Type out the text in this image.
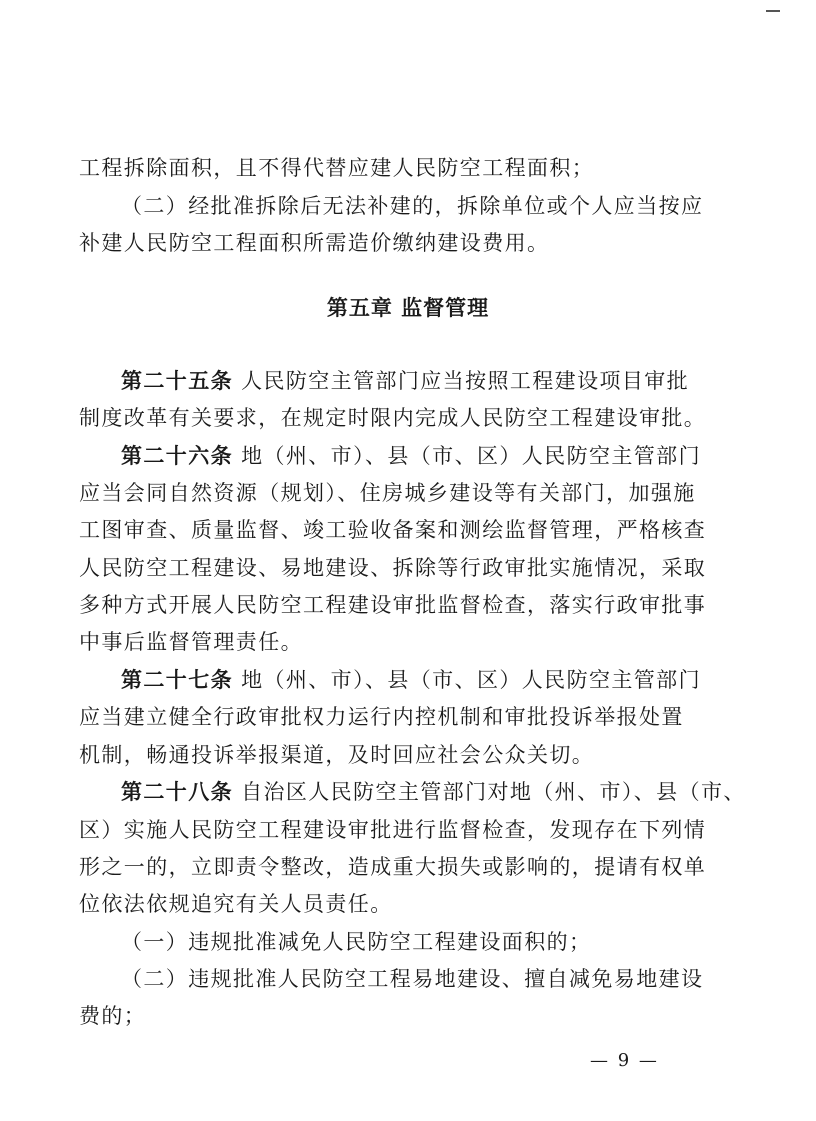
工程拆除面积，且不得代替应建人民防空工程面积；
（二）经批准拆除后无法补建的，拆除单位或个人应当按应
补建人民防空工程面积所需造价缴纳建设费用。
第五章 监督管理
第二十五条 人民防空主管部门应当按照工程建设项目审批
制度改革有关要求，在规定时限内完成人民防空工程建设审批。
第二十六条 地（州、市）、县（市、区）人民防空主管部门
应当会同自然资源（规划）、住房城乡建设等有关部门，加强施
工图审查、质量监督、竣工验收备案和测绘监督管理，严格核查
人民防空工程建设、易地建设、拆除等行政审批实施情况，采取
多种方式开展人民防空工程建设审批监督检查，落实行政审批事
中事后监督管理责任。
第二十七条 地（州、市）、县（市、区）人民防空主管部门
应当建立健全行政审批权力运行内控机制和审批投诉举报处置
机制，畅通投诉举报渠道，及时回应社会公众关切。
第二十八条 自治区人民防空主管部门对地（州、市）、县（市、
区）实施人民防空工程建设审批进行监督检查，发现存在下列情
形之一的，立即责令整改，造成重大损失或影响的，提请有权单
位依法依规追究有关人员责任。
（一）违规批准减免人民防空工程建设面积的；
（二）违规批准人民防空工程易地建设、擅自减免易地建设
费的；
— 9 —
